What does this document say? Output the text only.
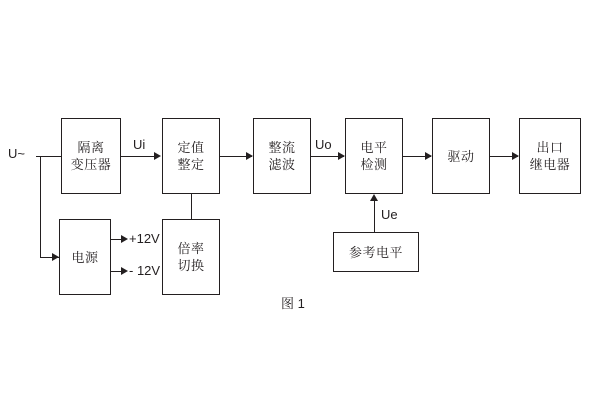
U~	隔离
变压器
Ui 定值
整定
整流
滤波
Uo 电平
检测
驱动
出口
继电器
电源
+12V
- 12V
倍率
切换
参考电平
Ue
图 1
